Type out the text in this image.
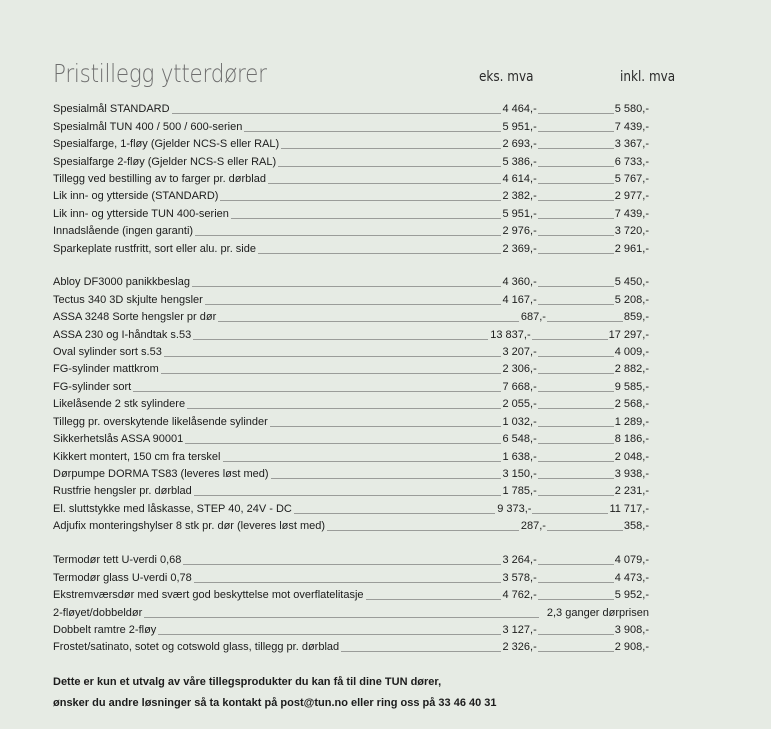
Pristillegg ytterdører	eks. mva	inkl. mva
Spesialmål STANDARD	4 464,-	5 580,-
Spesialmål TUN 400 / 500 / 600-serien	5 951,-	7 439,-
Spesialfarge, 1-fløy (Gjelder NCS-S eller RAL)	2 693,-	3 367,-
Spesialfarge 2-fløy (Gjelder NCS-S eller RAL)	5 386,-	6 733,-
Tillegg ved bestilling av to farger pr. dørblad	4 614,-	5 767,-
Lik inn- og ytterside (STANDARD)	2 382,-	2 977,-
Lik inn- og ytterside TUN 400-serien	5 951,-	7 439,-
Innadslående (ingen garanti)	2 976,-	3 720,-
Sparkeplate rustfritt, sort eller alu. pr. side	2 369,-	2 961,-
Abloy DF3000 panikkbeslag	4 360,-	5 450,-
Tectus 340 3D skjulte hengsler	4 167,-	5 208,-
ASSA 3248 Sorte hengsler pr dør	687,-	859,-
ASSA 230 og I-håndtak s.53	13 837,-	17 297,-
Oval sylinder sort s.53	3 207,-	4 009,-
FG-sylinder mattkrom	2 306,-	2 882,-
FG-sylinder sort	7 668,-	9 585,-
Likelåsende 2 stk sylindere	2 055,-	2 568,-
Tillegg pr. overskytende likelåsende sylinder	1 032,-	1 289,-
Sikkerhetslås ASSA 90001	6 548,-	8 186,-
Kikkert montert, 150 cm fra terskel	1 638,-	2 048,-
Dørpumpe DORMA TS83 (leveres løst med)	3 150,-	3 938,-
Rustfrie hengsler pr. dørblad	1 785,-	2 231,-
El. sluttstykke med låskasse, STEP 40, 24V - DC	9 373,-	11 717,-
Adjufix monteringshylser 8 stk pr. dør (leveres løst med)	287,-	358,-
Termodør tett U-verdi 0,68	3 264,-	4 079,-
Termodør glass U-verdi 0,78	3 578,-	4 473,-
Ekstremværsdør med svært god beskyttelse mot overflatelitasje	4 762,-	5 952,-
2-fløyet/dobbeldør	2,3 ganger dørprisen
Dobbelt ramtre 2-fløy	3 127,-	3 908,-
Frostet/satinato, sotet og cotswold glass, tillegg pr. dørblad	2 326,-	2 908,-
Dette er kun et utvalg av våre tillegsprodukter du kan få til dine TUN dører,
ønsker du andre løsninger så ta kontakt på post@tun.no eller ring oss på 33 46 40 31
